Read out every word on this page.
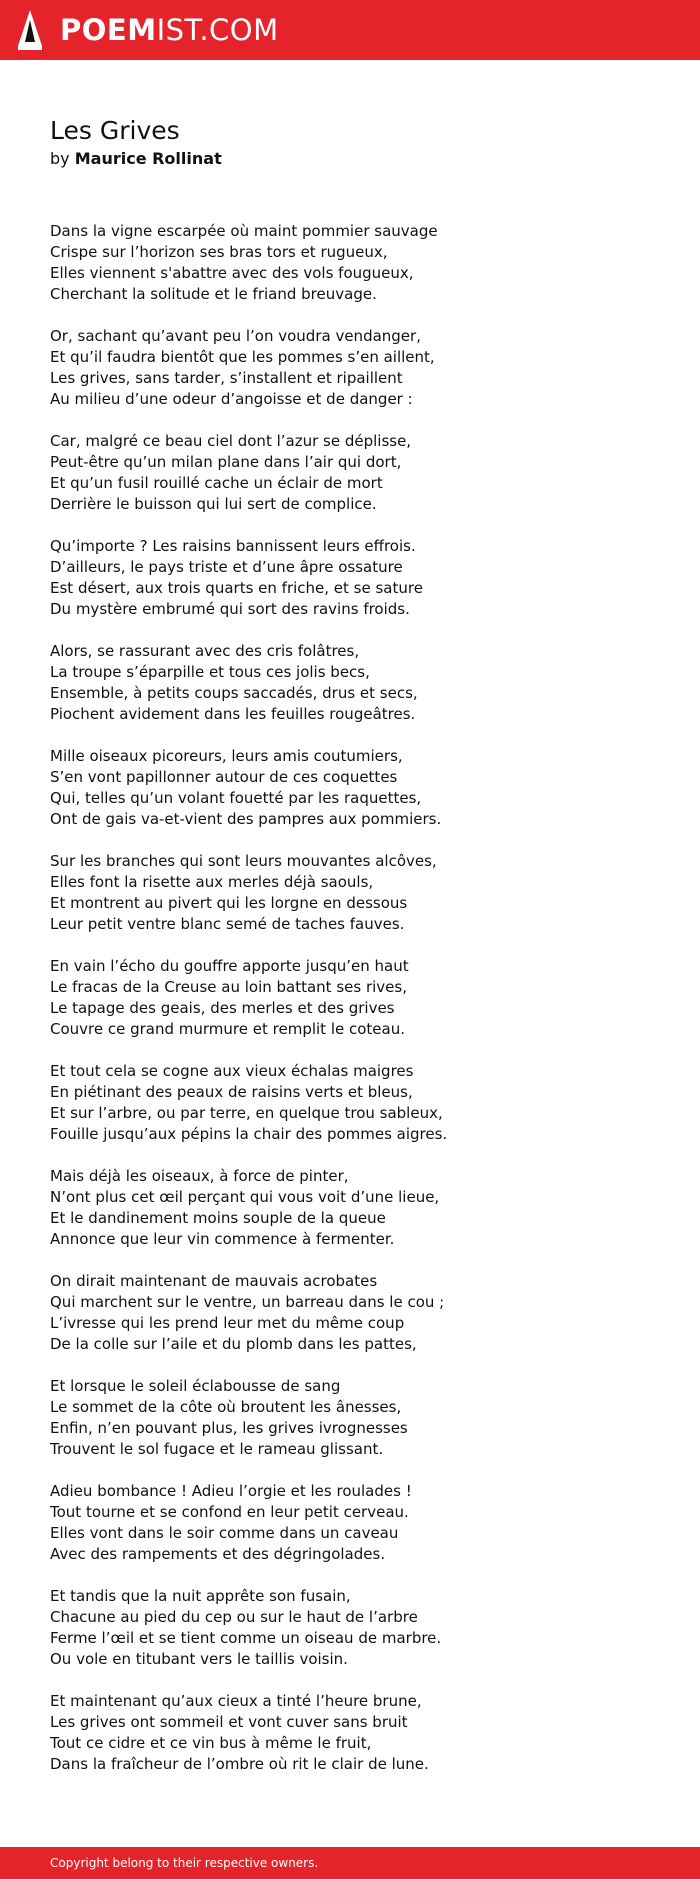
POEMIST.COM
Les Grives
by Maurice Rollinat

Dans la vigne escarpée où maint pommier sauvage
Crispe sur l’horizon ses bras tors et rugueux,
Elles viennent s'abattre avec des vols fougueux,
Cherchant la solitude et le friand breuvage.

Or, sachant qu’avant peu l’on voudra vendanger,
Et qu’il faudra bientôt que les pommes s’en aillent,
Les grives, sans tarder, s’installent et ripaillent
Au milieu d’une odeur d’angoisse et de danger :

Car, malgré ce beau ciel dont l’azur se déplisse,
Peut-être qu’un milan plane dans l’air qui dort,
Et qu’un fusil rouillé cache un éclair de mort
Derrière le buisson qui lui sert de complice.

Qu’importe ? Les raisins bannissent leurs effrois.
D’ailleurs, le pays triste et d’une âpre ossature
Est désert, aux trois quarts en friche, et se sature
Du mystère embrumé qui sort des ravins froids.

Alors, se rassurant avec des cris folâtres,
La troupe s’éparpille et tous ces jolis becs,
Ensemble, à petits coups saccadés, drus et secs,
Piochent avidement dans les feuilles rougeâtres.

Mille oiseaux picoreurs, leurs amis coutumiers,
S’en vont papillonner autour de ces coquettes
Qui, telles qu’un volant fouetté par les raquettes,
Ont de gais va-et-vient des pampres aux pommiers.

Sur les branches qui sont leurs mouvantes alcôves,
Elles font la risette aux merles déjà saouls,
Et montrent au pivert qui les lorgne en dessous
Leur petit ventre blanc semé de taches fauves.

En vain l’écho du gouffre apporte jusqu’en haut
Le fracas de la Creuse au loin battant ses rives,
Le tapage des geais, des merles et des grives
Couvre ce grand murmure et remplit le coteau.

Et tout cela se cogne aux vieux échalas maigres
En piétinant des peaux de raisins verts et bleus,
Et sur l’arbre, ou par terre, en quelque trou sableux,
Fouille jusqu’aux pépins la chair des pommes aigres.

Mais déjà les oiseaux, à force de pinter,
N’ont plus cet œil perçant qui vous voit d’une lieue,
Et le dandinement moins souple de la queue
Annonce que leur vin commence à fermenter.

On dirait maintenant de mauvais acrobates
Qui marchent sur le ventre, un barreau dans le cou ;
L’ivresse qui les prend leur met du même coup
De la colle sur l’aile et du plomb dans les pattes,

Et lorsque le soleil éclabousse de sang
Le sommet de la côte où broutent les ânesses,
Enfin, n’en pouvant plus, les grives ivrognesses
Trouvent le sol fugace et le rameau glissant.

Adieu bombance ! Adieu l’orgie et les roulades !
Tout tourne et se confond en leur petit cerveau.
Elles vont dans le soir comme dans un caveau
Avec des rampements et des dégringolades.

Et tandis que la nuit apprête son fusain,
Chacune au pied du cep ou sur le haut de l’arbre
Ferme l’œil et se tient comme un oiseau de marbre.
Ou vole en titubant vers le taillis voisin.

Et maintenant qu’aux cieux a tinté l’heure brune,
Les grives ont sommeil et vont cuver sans bruit
Tout ce cidre et ce vin bus à même le fruit,
Dans la fraîcheur de l’ombre où rit le clair de lune.

Copyright belong to their respective owners.
